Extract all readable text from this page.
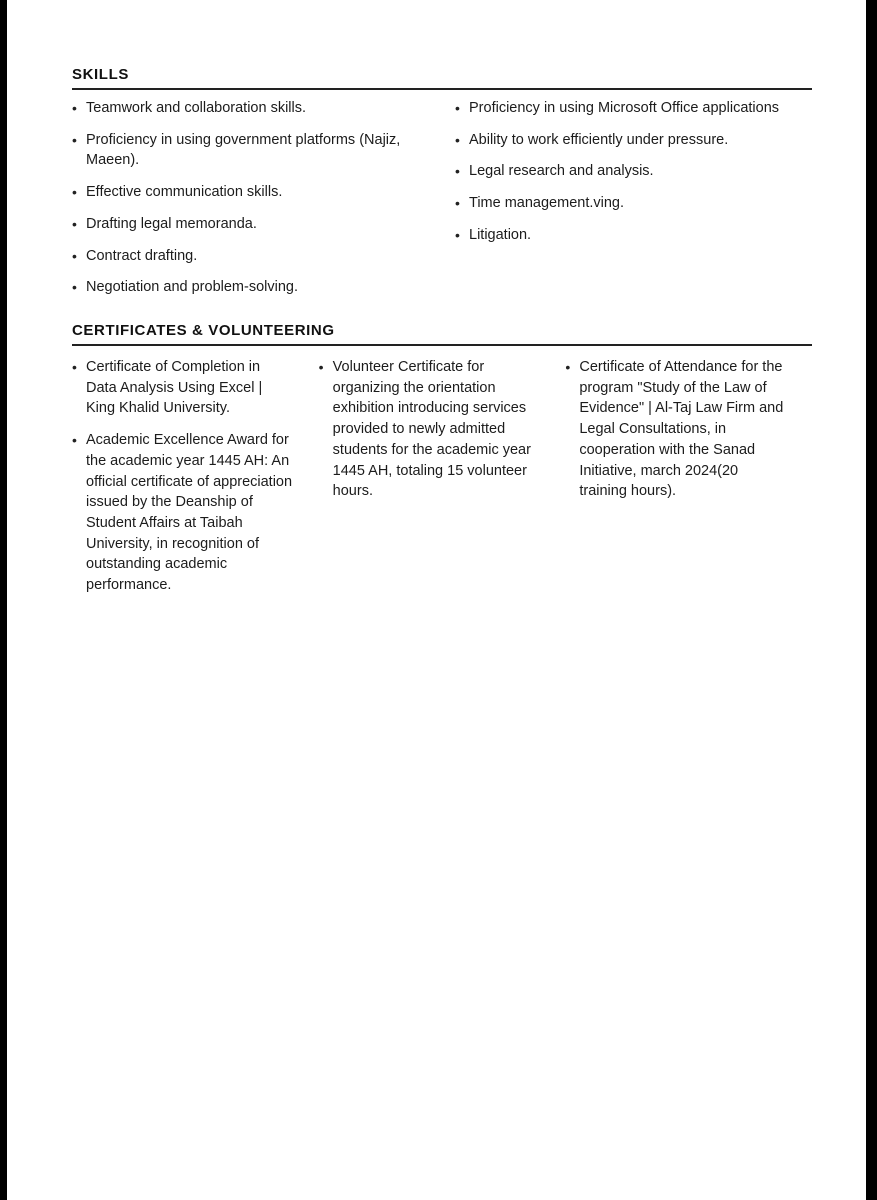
SKILLS
• Teamwork and collaboration skills.
• Proficiency in using government platforms (Najiz, Maeen).
• Effective communication skills.
• Drafting legal memoranda.
• Contract drafting.
• Negotiation and problem-solving.
• Proficiency in using Microsoft Office applications
• Ability to work efficiently under pressure.
• Legal research and analysis.
• Time management.ving.
• Litigation.
CERTIFICATES & VOLUNTEERING
• Certificate of Completion in Data Analysis Using Excel | King Khalid University.
• Academic Excellence Award for the academic year 1445 AH: An official certificate of appreciation issued by the Deanship of Student Affairs at Taibah University, in recognition of outstanding academic performance.
• Volunteer Certificate for organizing the orientation exhibition introducing services provided to newly admitted students for the academic year 1445 AH, totaling 15 volunteer hours.
• Certificate of Attendance for the program "Study of the Law of Evidence" | Al-Taj Law Firm and Legal Consultations, in cooperation with the Sanad Initiative, march 2024(20 training hours).
